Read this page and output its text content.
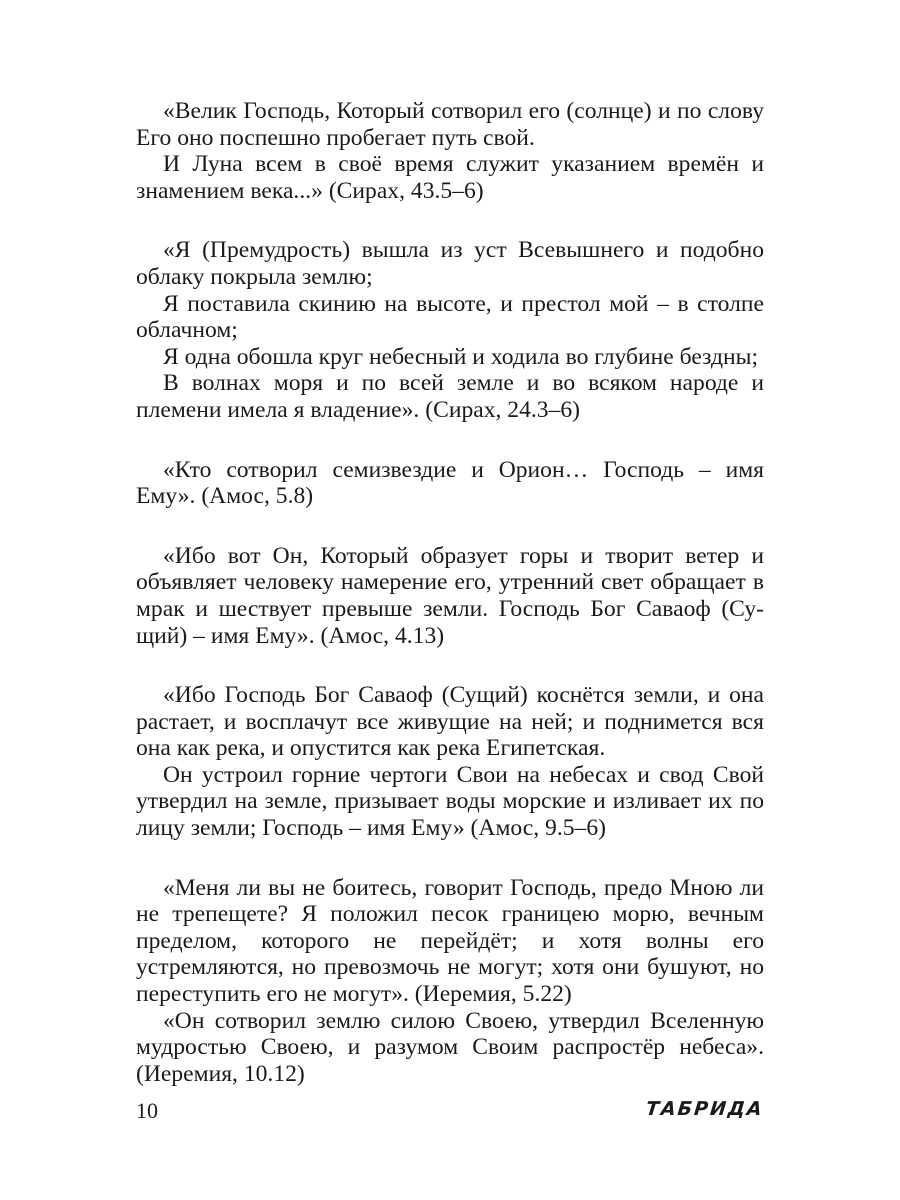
«Велик Господь, Который сотворил его (солнце) и по слову Его оно поспешно пробегает путь свой.

И Луна всем в своё время служит указанием времён и знамением века...» (Сирах, 43.5–6)

«Я (Премудрость) вышла из уст Всевышнего и подобно облаку покрыла землю;

Я поставила скинию на высоте, и престол мой – в столпе облачном;

Я одна обошла круг небесный и ходила во глубине бездны;

В волнах моря и по всей земле и во всяком народе и племени имела я владение». (Сирах, 24.3–6)

«Кто сотворил семизвездие и Орион… Господь – имя Ему». (Амос, 5.8)

«Ибо вот Он, Который образует горы и творит ветер и объявляет человеку намерение его, утренний свет обращает в мрак и шествует превыше земли. Господь Бог Саваоф (Сущий) – имя Ему». (Амос, 4.13)

«Ибо Господь Бог Саваоф (Сущий) коснётся земли, и она растает, и восплачут все живущие на ней; и поднимется вся она как река, и опустится как река Египетская.

Он устроил горние чертоги Свои на небесах и свод Свой утвердил на земле, призывает воды морские и изливает их по лицу земли; Господь – имя Ему» (Амос, 9.5–6)

«Меня ли вы не боитесь, говорит Господь, предо Мною ли не трепещете? Я положил песок границею морю, вечным пределом, которого не перейдёт; и хотя волны его устремляются, но превозмочь не могут; хотя они бушуют, но переступить его не могут». (Иеремия, 5.22)

«Он сотворил землю силою Своею, утвердил Вселенную мудростью Своею, и разумом Своим распростёр небеса». (Иеремия, 10.12)

10	ТАБРИДА
